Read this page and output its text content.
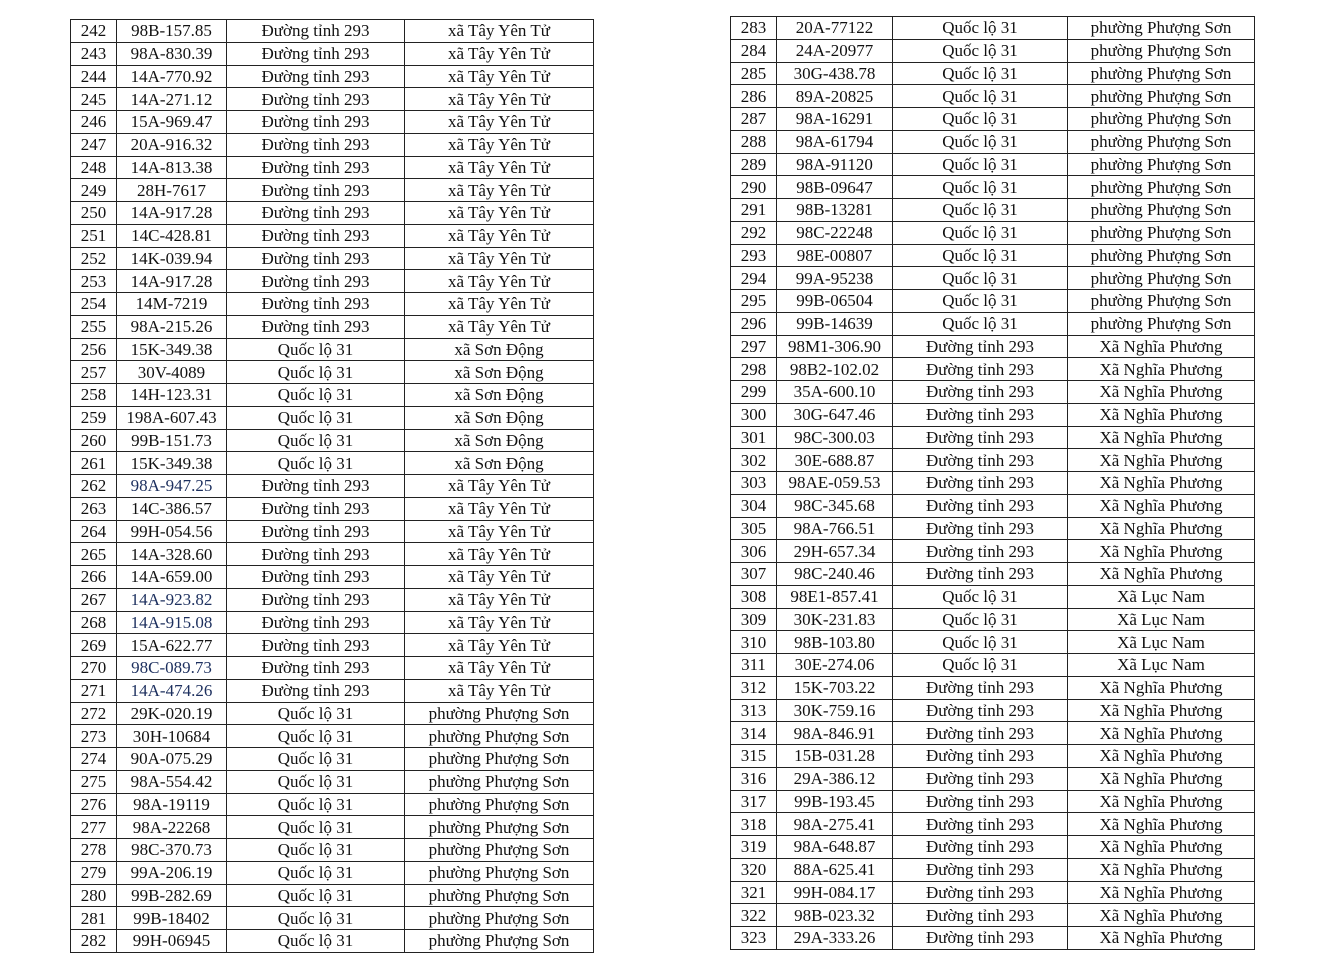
242	98B-157.85	Đường tỉnh 293	xã Tây Yên Tử
243	98A-830.39	Đường tỉnh 293	xã Tây Yên Tử
244	14A-770.92	Đường tỉnh 293	xã Tây Yên Tử
245	14A-271.12	Đường tỉnh 293	xã Tây Yên Tử
246	15A-969.47	Đường tỉnh 293	xã Tây Yên Tử
247	20A-916.32	Đường tỉnh 293	xã Tây Yên Tử
248	14A-813.38	Đường tỉnh 293	xã Tây Yên Tử
249	28H-7617	Đường tỉnh 293	xã Tây Yên Tử
250	14A-917.28	Đường tỉnh 293	xã Tây Yên Tử
251	14C-428.81	Đường tỉnh 293	xã Tây Yên Tử
252	14K-039.94	Đường tỉnh 293	xã Tây Yên Tử
253	14A-917.28	Đường tỉnh 293	xã Tây Yên Tử
254	14M-7219	Đường tỉnh 293	xã Tây Yên Tử
255	98A-215.26	Đường tỉnh 293	xã Tây Yên Tử
256	15K-349.38	Quốc lộ 31	xã Sơn Động
257	30V-4089	Quốc lộ 31	xã Sơn Động
258	14H-123.31	Quốc lộ 31	xã Sơn Động
259	198A-607.43	Quốc lộ 31	xã Sơn Động
260	99B-151.73	Quốc lộ 31	xã Sơn Động
261	15K-349.38	Quốc lộ 31	xã Sơn Động
262	98A-947.25	Đường tỉnh 293	xã Tây Yên Tử
263	14C-386.57	Đường tỉnh 293	xã Tây Yên Tử
264	99H-054.56	Đường tỉnh 293	xã Tây Yên Tử
265	14A-328.60	Đường tỉnh 293	xã Tây Yên Tử
266	14A-659.00	Đường tỉnh 293	xã Tây Yên Tử
267	14A-923.82	Đường tỉnh 293	xã Tây Yên Tử
268	14A-915.08	Đường tỉnh 293	xã Tây Yên Tử
269	15A-622.77	Đường tỉnh 293	xã Tây Yên Tử
270	98C-089.73	Đường tỉnh 293	xã Tây Yên Tử
271	14A-474.26	Đường tỉnh 293	xã Tây Yên Tử
272	29K-020.19	Quốc lộ 31	phường Phượng Sơn
273	30H-10684	Quốc lộ 31	phường Phượng Sơn
274	90A-075.29	Quốc lộ 31	phường Phượng Sơn
275	98A-554.42	Quốc lộ 31	phường Phượng Sơn
276	98A-19119	Quốc lộ 31	phường Phượng Sơn
277	98A-22268	Quốc lộ 31	phường Phượng Sơn
278	98C-370.73	Quốc lộ 31	phường Phượng Sơn
279	99A-206.19	Quốc lộ 31	phường Phượng Sơn
280	99B-282.69	Quốc lộ 31	phường Phượng Sơn
281	99B-18402	Quốc lộ 31	phường Phượng Sơn
282	99H-06945	Quốc lộ 31	phường Phượng Sơn
283	20A-77122	Quốc lộ 31	phường Phượng Sơn
284	24A-20977	Quốc lộ 31	phường Phượng Sơn
285	30G-438.78	Quốc lộ 31	phường Phượng Sơn
286	89A-20825	Quốc lộ 31	phường Phượng Sơn
287	98A-16291	Quốc lộ 31	phường Phượng Sơn
288	98A-61794	Quốc lộ 31	phường Phượng Sơn
289	98A-91120	Quốc lộ 31	phường Phượng Sơn
290	98B-09647	Quốc lộ 31	phường Phượng Sơn
291	98B-13281	Quốc lộ 31	phường Phượng Sơn
292	98C-22248	Quốc lộ 31	phường Phượng Sơn
293	98E-00807	Quốc lộ 31	phường Phượng Sơn
294	99A-95238	Quốc lộ 31	phường Phượng Sơn
295	99B-06504	Quốc lộ 31	phường Phượng Sơn
296	99B-14639	Quốc lộ 31	phường Phượng Sơn
297	98M1-306.90	Đường tỉnh 293	Xã Nghĩa Phương
298	98B2-102.02	Đường tỉnh 293	Xã Nghĩa Phương
299	35A-600.10	Đường tỉnh 293	Xã Nghĩa Phương
300	30G-647.46	Đường tỉnh 293	Xã Nghĩa Phương
301	98C-300.03	Đường tỉnh 293	Xã Nghĩa Phương
302	30E-688.87	Đường tỉnh 293	Xã Nghĩa Phương
303	98AE-059.53	Đường tỉnh 293	Xã Nghĩa Phương
304	98C-345.68	Đường tỉnh 293	Xã Nghĩa Phương
305	98A-766.51	Đường tỉnh 293	Xã Nghĩa Phương
306	29H-657.34	Đường tỉnh 293	Xã Nghĩa Phương
307	98C-240.46	Đường tỉnh 293	Xã Nghĩa Phương
308	98E1-857.41	Quốc lộ 31	Xã Lục Nam
309	30K-231.83	Quốc lộ 31	Xã Lục Nam
310	98B-103.80	Quốc lộ 31	Xã Lục Nam
311	30E-274.06	Quốc lộ 31	Xã Lục Nam
312	15K-703.22	Đường tỉnh 293	Xã Nghĩa Phương
313	30K-759.16	Đường tỉnh 293	Xã Nghĩa Phương
314	98A-846.91	Đường tỉnh 293	Xã Nghĩa Phương
315	15B-031.28	Đường tỉnh 293	Xã Nghĩa Phương
316	29A-386.12	Đường tỉnh 293	Xã Nghĩa Phương
317	99B-193.45	Đường tỉnh 293	Xã Nghĩa Phương
318	98A-275.41	Đường tỉnh 293	Xã Nghĩa Phương
319	98A-648.87	Đường tỉnh 293	Xã Nghĩa Phương
320	88A-625.41	Đường tỉnh 293	Xã Nghĩa Phương
321	99H-084.17	Đường tỉnh 293	Xã Nghĩa Phương
322	98B-023.32	Đường tỉnh 293	Xã Nghĩa Phương
323	29A-333.26	Đường tỉnh 293	Xã Nghĩa Phương
